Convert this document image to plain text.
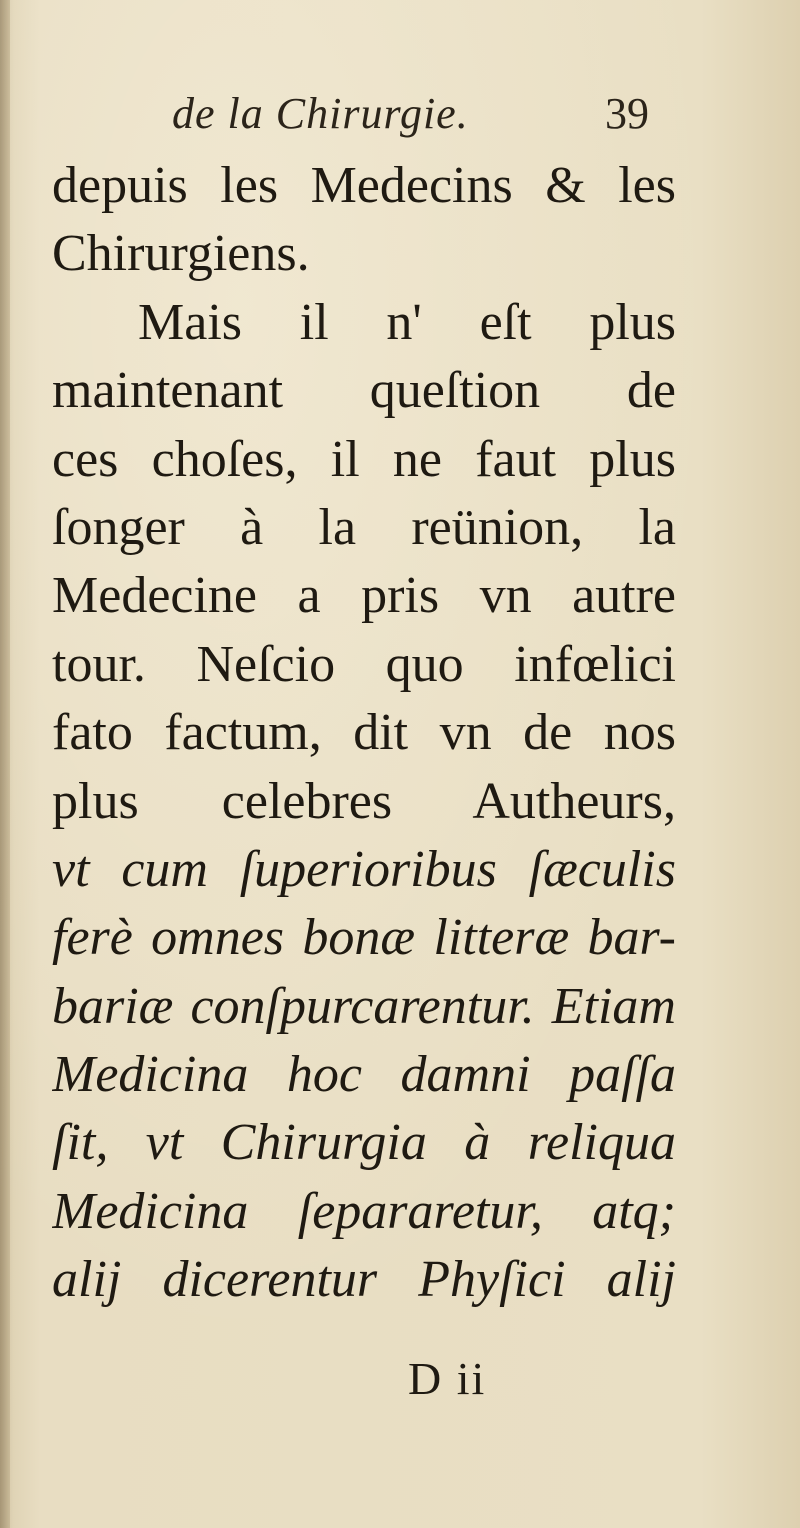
de la Chirurgie.	39
depuis les Medecins & les
Chirurgiens.
Mais il n' eſt plus
maintenant queſtion de
ces choſes, il ne faut plus
ſonger à la reünion, la
Medecine a pris vn autre
tour. Neſcio quo infœlici
fato factum, dit vn de nos
plus celebres Autheurs,
vt cum ſuperioribus ſæculis
ferè omnes bonæ litteræ bar-
bariæ conſpurcarentur. Etiam
Medicina hoc damni paſſa
ſit, vt Chirurgia à reliqua
Medicina ſepararetur, atq;
alij dicerentur Phyſici alij
D ii
